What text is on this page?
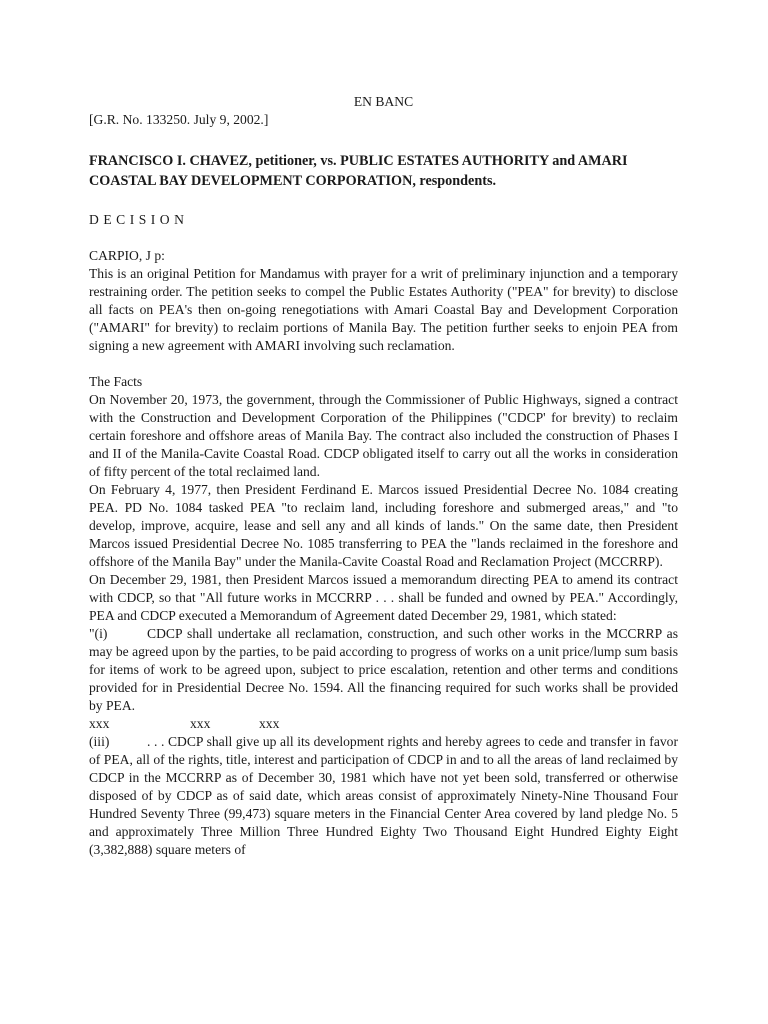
EN BANC
[G.R. No. 133250. July 9, 2002.]
FRANCISCO I. CHAVEZ, petitioner, vs. PUBLIC ESTATES AUTHORITY and AMARI COASTAL BAY DEVELOPMENT CORPORATION, respondents.
DECISION
CARPIO, J p:

This is an original Petition for Mandamus with prayer for a writ of preliminary injunction and a temporary restraining order. The petition seeks to compel the Public Estates Authority ("PEA" for brevity) to disclose all facts on PEA's then on-going renegotiations with Amari Coastal Bay and Development Corporation ("AMARI" for brevity) to reclaim portions of Manila Bay. The petition further seeks to enjoin PEA from signing a new agreement with AMARI involving such reclamation.

The Facts

On November 20, 1973, the government, through the Commissioner of Public Highways, signed a contract with the Construction and Development Corporation of the Philippines ("CDCP' for brevity) to reclaim certain foreshore and offshore areas of Manila Bay. The contract also included the construction of Phases I and II of the Manila-Cavite Coastal Road. CDCP obligated itself to carry out all the works in consideration of fifty percent of the total reclaimed land.

On February 4, 1977, then President Ferdinand E. Marcos issued Presidential Decree No. 1084 creating PEA. PD No. 1084 tasked PEA "to reclaim land, including foreshore and submerged areas," and "to develop, improve, acquire, lease and sell any and all kinds of lands." On the same date, then President Marcos issued Presidential Decree No. 1085 transferring to PEA the "lands reclaimed in the foreshore and offshore of the Manila Bay" under the Manila-Cavite Coastal Road and Reclamation Project (MCCRRP).

On December 29, 1981, then President Marcos issued a memorandum directing PEA to amend its contract with CDCP, so that "All future works in MCCRRP . . . shall be funded and owned by PEA." Accordingly, PEA and CDCP executed a Memorandum of Agreement dated December 29, 1981, which stated:

"(i)	CDCP shall undertake all reclamation, construction, and such other works in the MCCRRP as may be agreed upon by the parties, to be paid according to progress of works on a unit price/lump sum basis for items of work to be agreed upon, subject to price escalation, retention and other terms and conditions provided for in Presidential Decree No. 1594. All the financing required for such works shall be provided by PEA.

xxx	xxx	xxx

(iii)	. . . CDCP shall give up all its development rights and hereby agrees to cede and transfer in favor of PEA, all of the rights, title, interest and participation of CDCP in and to all the areas of land reclaimed by CDCP in the MCCRRP as of December 30, 1981 which have not yet been sold, transferred or otherwise disposed of by CDCP as of said date, which areas consist of approximately Ninety-Nine Thousand Four Hundred Seventy Three (99,473) square meters in the Financial Center Area covered by land pledge No. 5 and approximately Three Million Three Hundred Eighty Two Thousand Eight Hundred Eighty Eight (3,382,888) square meters of
